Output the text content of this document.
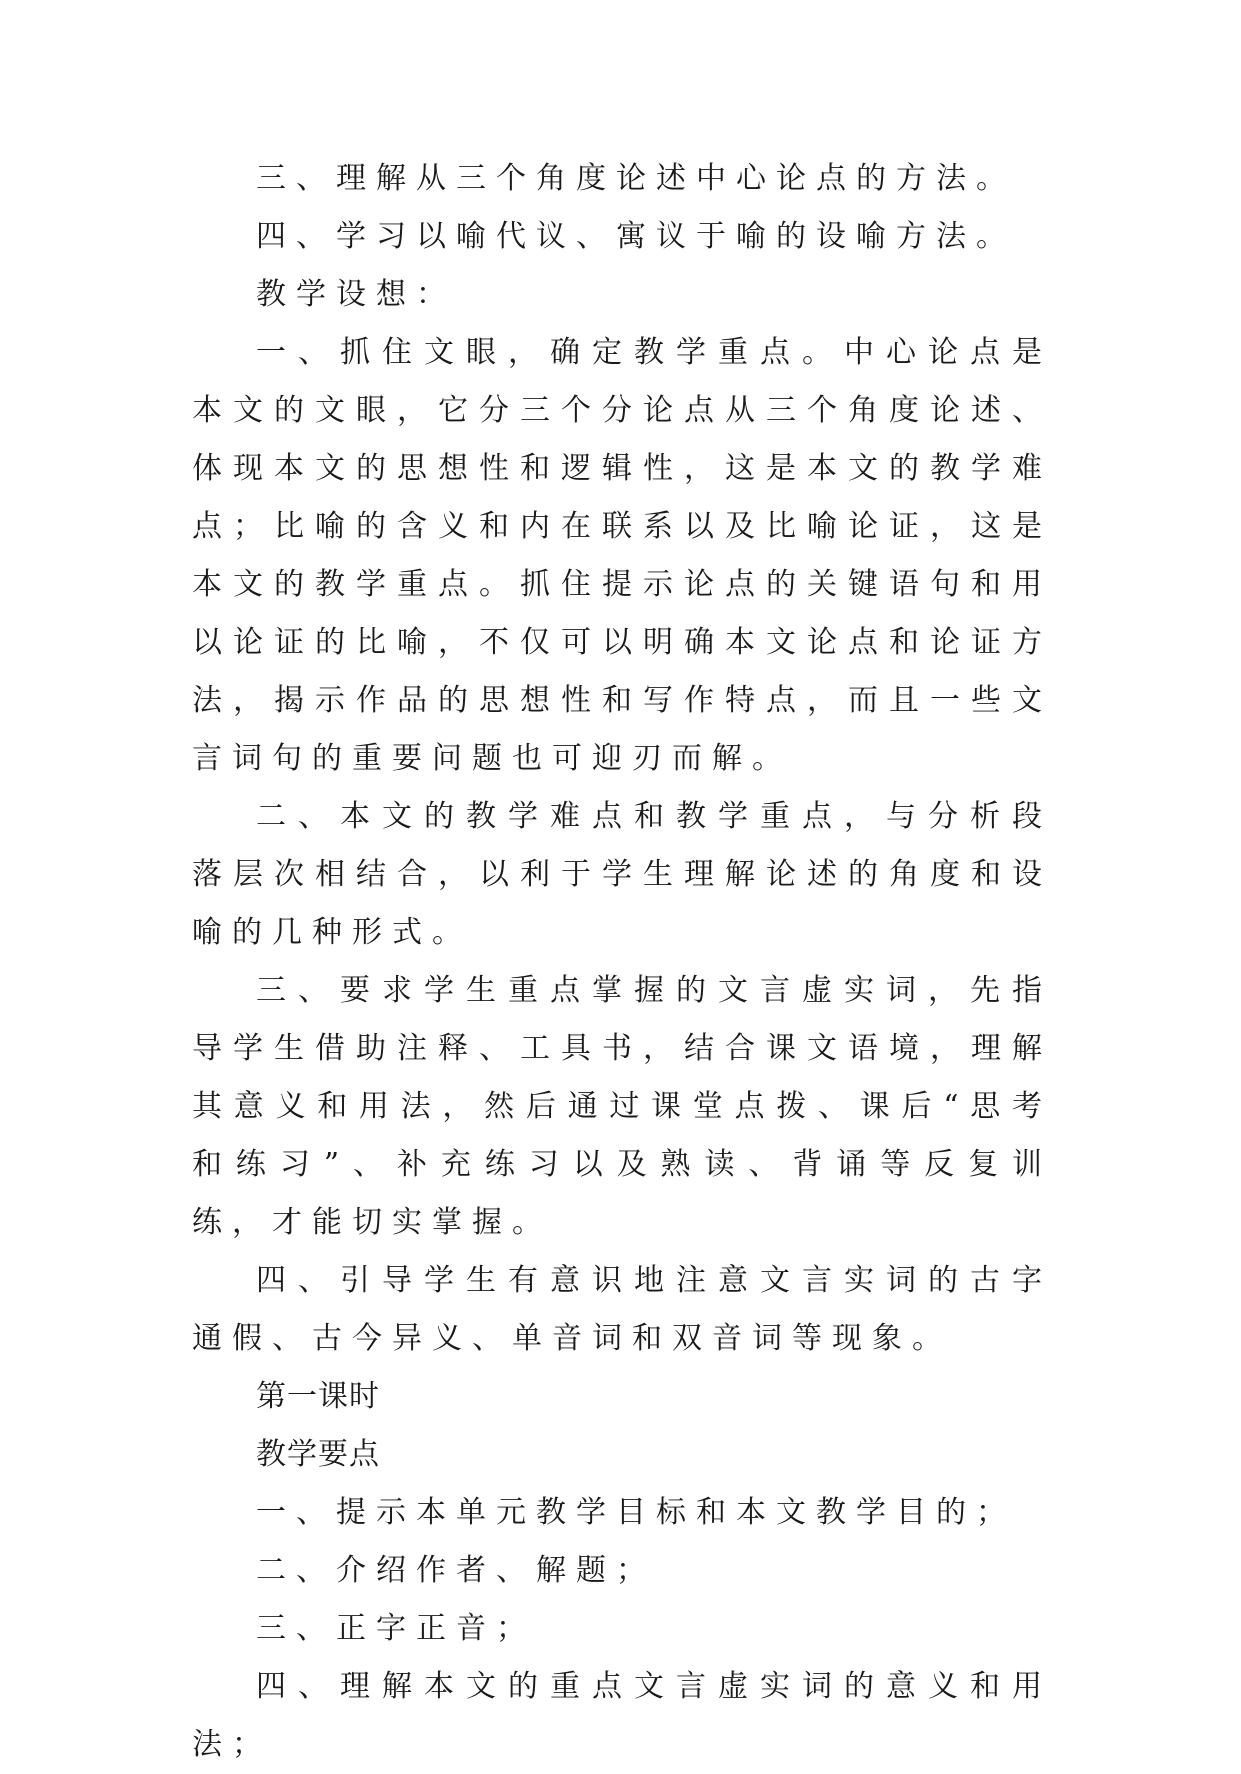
三、理解从三个角度论述中心论点的方法。

四、学习以喻代议、寓议于喻的设喻方法。

教学设想：

一、抓住文眼，确定教学重点。中心论点是本文的文眼，它分三个分论点从三个角度论述、体现本文的思想性和逻辑性，这是本文的教学难点；比喻的含义和内在联系以及比喻论证，这是本文的教学重点。抓住提示论点的关键语句和用以论证的比喻，不仅可以明确本文论点和论证方法，揭示作品的思想性和写作特点，而且一些文言词句的重要问题也可迎刃而解。

二、本文的教学难点和教学重点，与分析段落层次相结合，以利于学生理解论述的角度和设喻的几种形式。

三、要求学生重点掌握的文言虚实词，先指导学生借助注释、工具书，结合课文语境，理解其意义和用法，然后通过课堂点拨、课后“思考和练习”、补充练习以及熟读、背诵等反复训练，才能切实掌握。

四、引导学生有意识地注意文言实词的古字通假、古今异义、单音词和双音词等现象。

第一课时

教学要点

一、提示本单元教学目标和本文教学目的；

二、介绍作者、解题；

三、正字正音；

四、理解本文的重点文言虚实词的意义和用法；
